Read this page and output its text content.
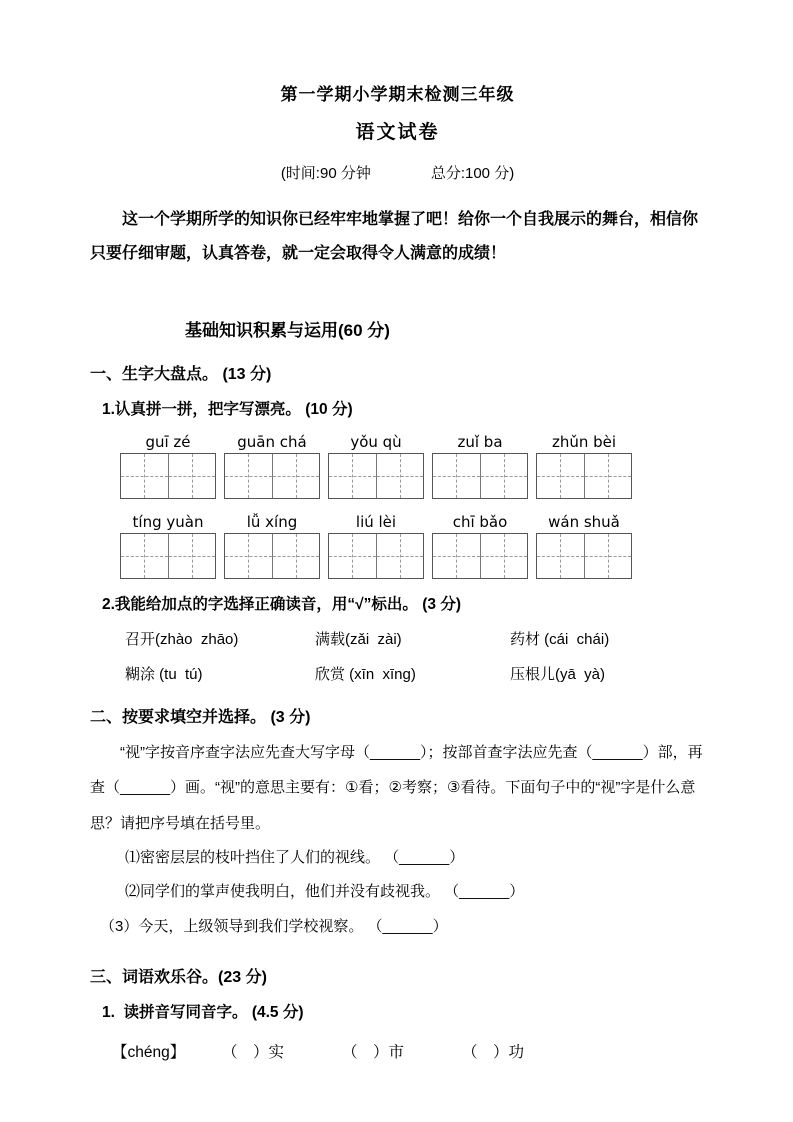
第一学期小学期末检测三年级
语文试卷
(时间:90 分钟　　　　总分:100 分)

这一个学期所学的知识你已经牢牢地掌握了吧！给你一个自我展示的舞台，相信你只要仔细审题，认真答卷，就一定会取得令人满意的成绩！

基础知识积累与运用(60 分)
一、生字大盘点。 (13 分)
1.认真拼一拼，把字写漂亮。 (10 分)
guī zé	guān chá	yǒu qù	zuǐ ba	zhǔn bèi
tíng yuàn	lǚ xíng	liú lèi	chī bǎo	wán shuǎ
2.我能给加点的字选择正确读音，用“√”标出。 (3 分)
召开(zhào  zhāo)	满载(zǎi  zài)	药材 (cái  chái)
糊涂 (tu  tú)	欣赏 (xīn  xīng)	压根儿(yā  yà)
二、按要求填空并选择。 (3 分)

“视”字按音序查字法应先查大写字母（______）；按部首查字法应先查（______）部，再查（______）画。“视”的意思主要有：①看；②考察；③看待。下面句子中的“视”字是什么意思？请把序号填在括号里。

⑴密密层层的枝叶挡住了人们的视线。 （______）
⑵同学们的掌声使我明白，他们并没有歧视我。 （______）
（3）今天，上级领导到我们学校视察。 （______）
三、词语欢乐谷。(23 分)
1.  读拼音写同音字。 (4.5 分)
【chéng】	（　）实	（　）市	（　）功
